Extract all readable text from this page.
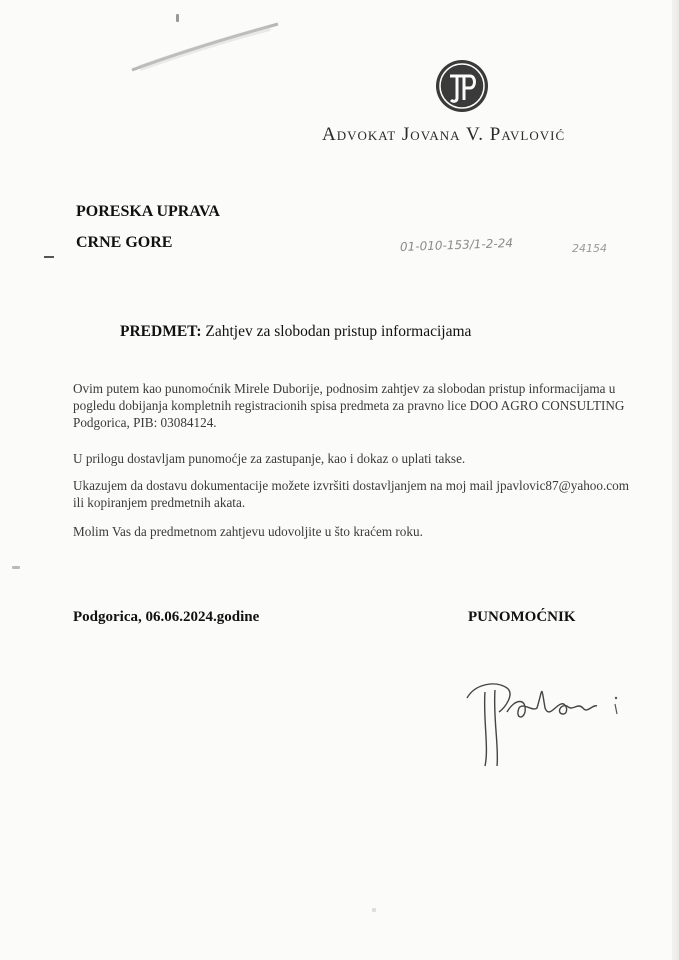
Advokat Jovana V. Pavlović
PORESKA UPRAVA
CRNE GORE	01-010-153/1-2-24	24154
PREDMET: Zahtjev za slobodan pristup informacijama
Ovim putem kao punomoćnik Mirele Duborije, podnosim zahtjev za slobodan pristup informacijama u pogledu dobijanja kompletnih registracionih spisa predmeta za pravno lice DOO AGRO CONSULTING Podgorica, PIB: 03084124.
U prilogu dostavljam punomoćje za zastupanje, kao i dokaz o uplati takse.
Ukazujem da dostavu dokumentacije možete izvršiti dostavljanjem na moj mail jpavlovic87@yahoo.com ili kopiranjem predmetnih akata.
Molim Vas da predmetnom zahtjevu udovoljite u što kraćem roku.
Podgorica, 06.06.2024.godine	PUNOMOĆNIK
